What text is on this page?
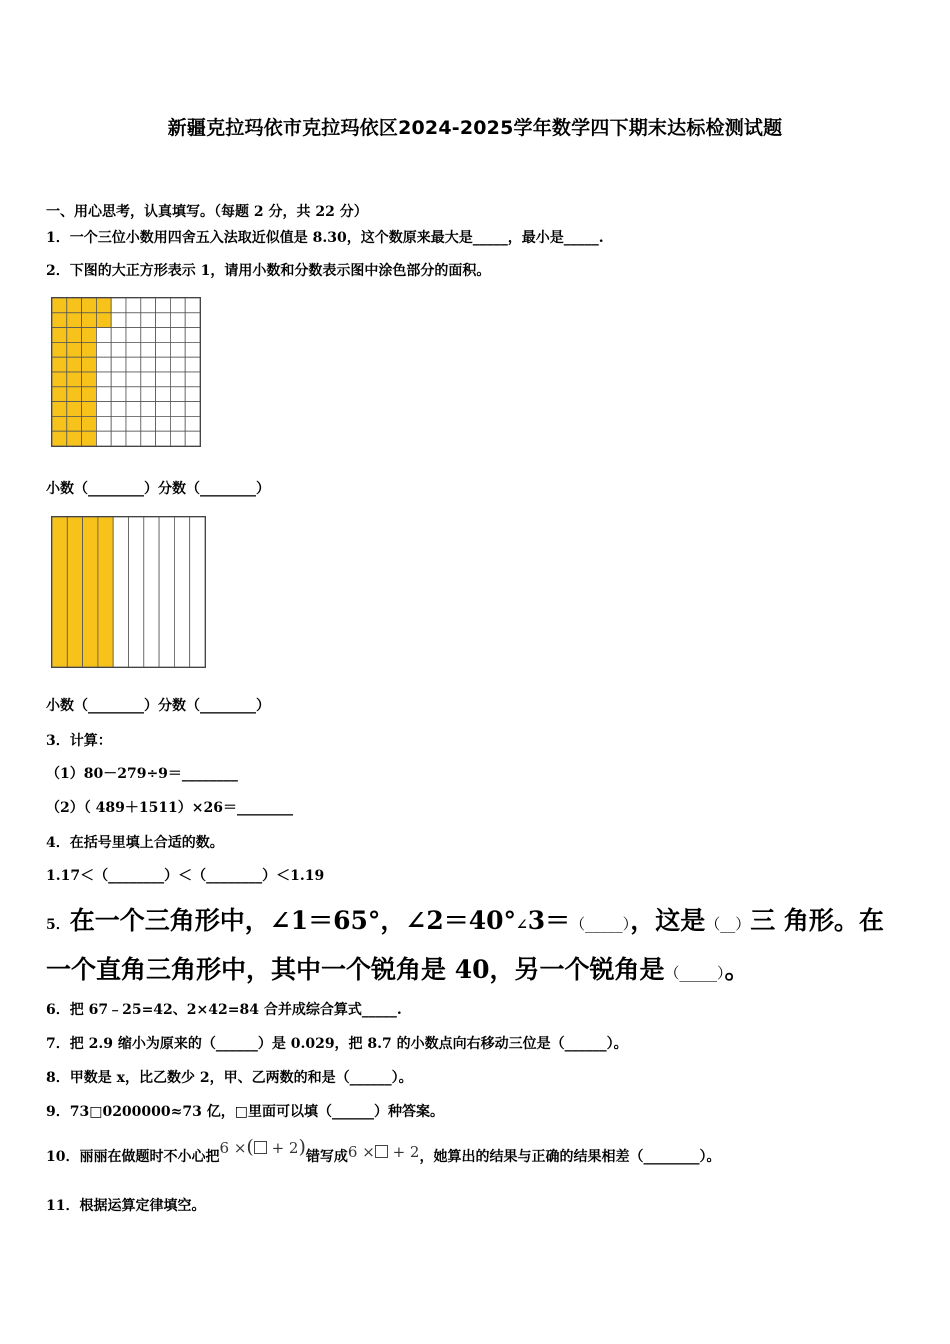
新疆克拉玛依市克拉玛依区2024-2025学年数学四下期末达标检测试题
一、用心思考，认真填写。（每题 2 分，共 22 分）
1．一个三位小数用四舍五入法取近似值是 8.30，这个数原来最大是_____，最小是_____.
2．下图的大正方形表示 1，请用小数和分数表示图中涂色部分的面积。
小数（________）分数（________）
小数（________）分数（________）
3．计算：
（1）80－279÷9＝________
（2）（ 489＋1511）×26＝________
4．在括号里填上合适的数。
1.17＜（________）＜（________）＜1.19
5．在一个三角形中，∠1＝65°，∠2＝40°∠3＝（_____），这是（__）三 角形。在
一个直角三角形中，其中一个锐角是 40，另一个锐角是（_____）。
6．把 67﹣25=42、2×42=84 合并成综合算式_____.
7．把 2.9 缩小为原来的（______）是 0.029，把 8.7 的小数点向右移动三位是（______）。
8．甲数是 x，比乙数少 2，甲、乙两数的和是（______）。
9．73□0200000≈73 亿，□里面可以填（______）种答案。
10．丽丽在做题时不小心把6 ×( + 2)错写成6 × + 2，她算出的结果与正确的结果相差（________）。
11．根据运算定律填空。
